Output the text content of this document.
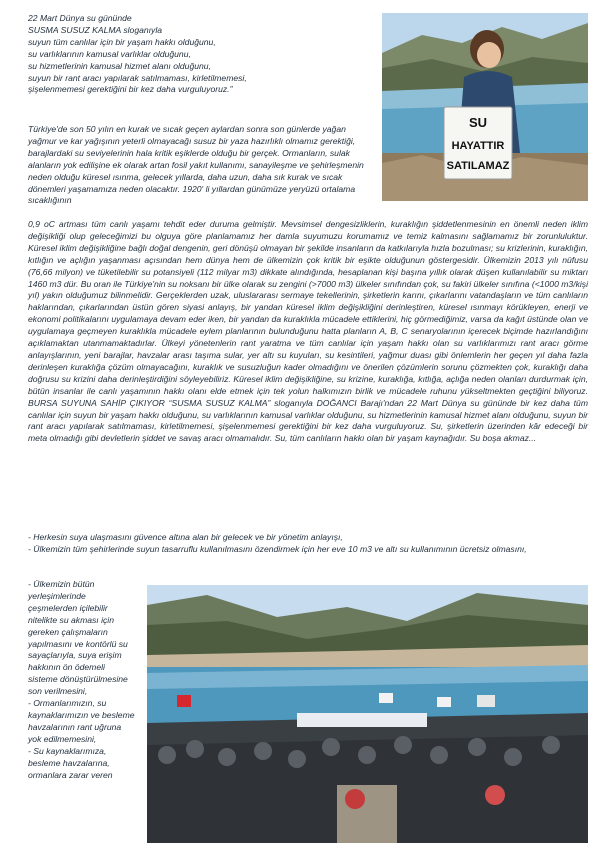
22 Mart Dünya su gününde
SUSMA SUSUZ KALMA sloganıyla
suyun tüm canlılar için bir yaşam hakkı olduğunu,
su varlıklarının kamusal varlıklar olduğunu,
su hizmetlerinin kamusal hizmet alanı olduğunu,
suyun bir rant aracı yapılarak satılmaması, kirletilmemesi,
şişelenmemesi gerektiğini bir kez daha vurguluyoruz.”

SU
HAYATTIR
SATILAMAZ

Türkiye'de son 50 yılın en kurak ve sıcak geçen aylardan sonra son günlerde yağan yağmur ve kar yağışının yeterli olmayacağı susuz bir yaza hazırlıklı olmamız gerektiği, barajlardaki su seviyelerinin hala kritik eşiklerde olduğu bir gerçek. Ormanların, sulak alanların yok edilişine ek olarak artan fosil yakıt kullanımı, sanayileşme ve şehirleşmenin neden olduğu küresel ısınma, gelecek yıllarda, daha uzun, daha sık kurak ve sıcak dönemleri yaşamamıza neden olacaktır. 1920' li yıllardan günümüze yeryüzü ortalama sıcaklığının

0,9 oC artması tüm canlı yaşamı tehdit eder duruma gelmiştir. Mevsimsel dengesizliklerin, kuraklığın şiddetlenmesinin en önemli neden iklim değişikliği olup geleceğimizi bu olguya göre planlamamız her damla suyumuzu korumamız ve temiz kalmasını sağlamamız bir zorunluluktur. Küresel iklim değişikliğine bağlı doğal dengenin, geri dönüşü olmayan bir şekilde insanların da katkılarıyla hızla bozulması; su krizlerinin, kuraklığın, kıtlığın ve açlığın yaşanması açısından hem dünya hem de ülkemizin çok kritik bir eşikte olduğunun göstergesidir. Ülkemizin 2013 yılı nüfusu (76,66 milyon) ve tüketilebilir su potansiyeli (112 milyar m3) dikkate alındığında, hesaplanan kişi başına yıllık olarak düşen kullanılabilir su miktarı 1460 m3 dür. Bu oran ile Türkiye'nin su noksanı bir ülke olarak su zengini (>7000 m3) ülkeler sınıfından çok, su fakiri ülkeler sınıfına (<1000 m3/kişi yıl) yakın olduğumuz bilinmelidir. Gerçeklerden uzak, uluslararası sermaye tekellerinin, şirketlerin karını, çıkarlarını vatandaşların ve tüm canlıların haklarından, çıkarlarından üstün gören siyasi anlayış, bir yandan küresel iklim değişikliğini derinleştiren, küresel ısınmayı körükleyen, enerji ve ekonomi politikalarını uygulamaya devam eder iken, bir yandan da kuraklıkla mücadele ettiklerini, hiç görmediğimiz, varsa da kağıt üstünde olan ve uygulamaya geçmeyen kuraklıkla mücadele eylem planlarının bulunduğunu hatta planların A, B, C senaryolarının içerecek biçimde hazırlandığını açıklamaktan utanmamaktadırlar. Ülkeyi yönetenlerin rant yaratma ve tüm canlılar için yaşam hakkı olan su varlıklarımızı rant aracı görme anlayışlarının, yeni barajlar, havzalar arası taşıma sular, yer altı su kuyuları, su kesintileri, yağmur duası gibi önlemlerin her geçen yıl daha fazla derinleşen kuraklığa çözüm olmayacağını, kuraklık ve susuzluğun kader olmadığını ve önerilen çözümlerin sorunu çözmekten çok, kuraklığı daha doğrusu su krizini daha derinleştirdiğini söyleyebiliriz. Küresel iklim değişikliğine, su krizine, kuraklığa, kıtlığa, açlığa neden olanları durdurmak için, bütün insanlar ile canlı yaşamının hakkı olanı elde etmek için tek yolun halkımızın birlik ve mücadele ruhunu yükseltmekten geçtiğini biliyoruz. BURSA SUYUNA SAHİP ÇIKIYOR “SUSMA SUSUZ KALMA” sloganıyla DOĞANCI Barajı'ndan 22 Mart Dünya su gününde bir kez daha tüm canlılar için suyun bir yaşam hakkı olduğunu, su varlıklarının kamusal varlıklar olduğunu, su hizmetlerinin kamusal hizmet alanı olduğunu, suyun bir rant aracı yapılarak satılmaması, kirletilmemesi, şişelenmemesi gerektiğini bir kez daha vurguluyoruz. Su, şirketlerin üzerinden kâr edeceği bir meta olmadığı gibi devletlerin şiddet ve savaş aracı olmamalıdır. Su, tüm canlıların hakkı olan bir yaşam kaynağıdır. Su boşa akmaz...

- Herkesin suya ulaşmasını güvence altına alan bir gelecek ve bir yönetim anlayışı,

- Ülkemizin tüm şehirlerinde suyun tasarruflu kullanılmasını özendirmek için her eve 10 m3 ve altı su kullanımının ücretsiz olmasını,

- Ülkemizin bütün yerleşimlerinde çeşmelerden içilebilir nitelikte su akması için gereken çalışmaların yapılmasını ve kontörlü su sayaçlarıyla, suya erişim hakkının ön ödemeli sisteme dönüştürülmesine son verilmesini,

- Ormanlarımızın, su kaynaklarımızın ve besleme havzalarının rant uğruna yok edilmemesini,

- Su kaynaklarımıza, besleme havzalarına, ormanlara zarar veren
